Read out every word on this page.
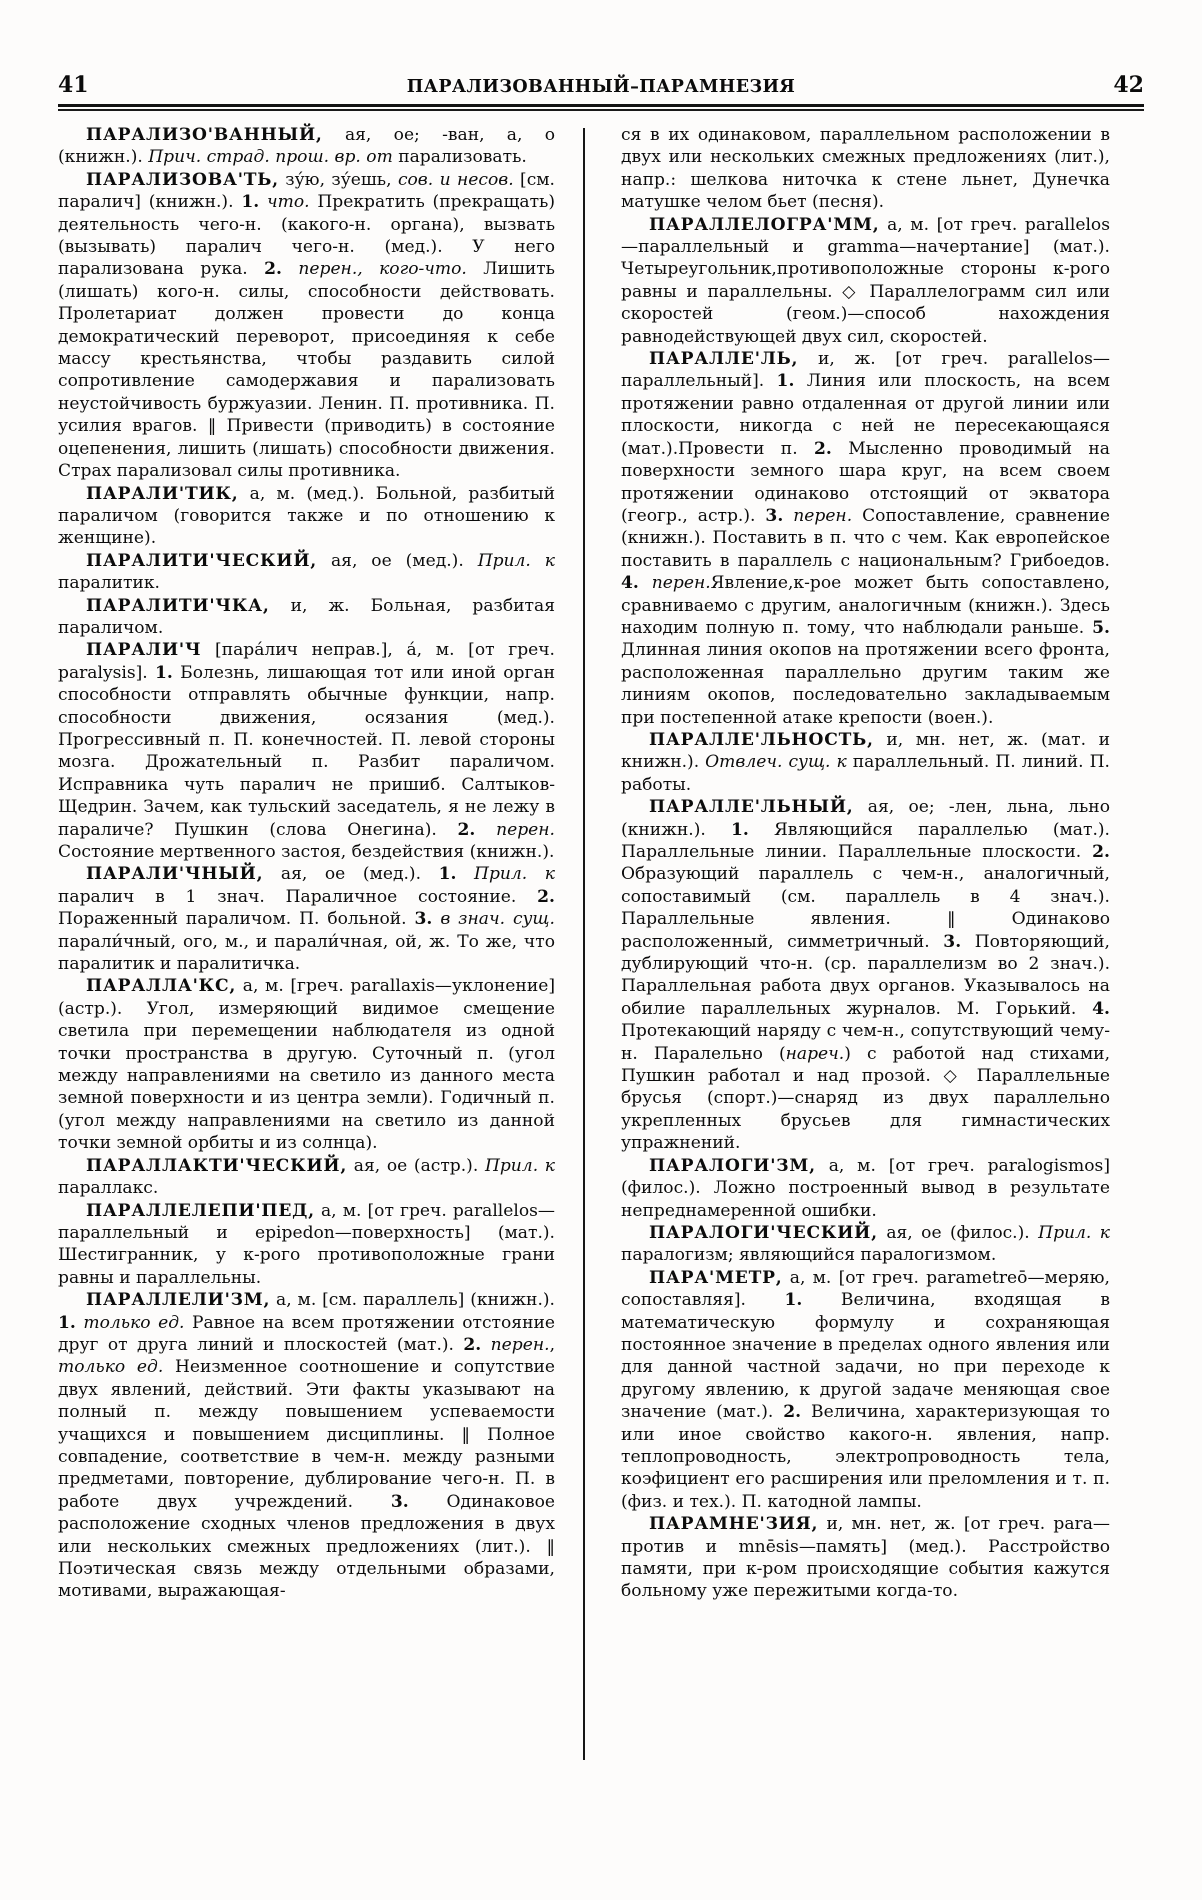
41	ПАРАЛИЗОВАННЫЙ–ПАРАМНЕЗИЯ	42

ПАРАЛИЗО'ВАННЫЙ, ая, ое; -ван, а, о (книжн.). Прич. страд. прош. вр. от парализовать.

ПАРАЛИЗОВА'ТЬ, зу́ю, зу́ешь, сов. и несов. [см. паралич] (книжн.). 1. что. Прекратить (прекращать) деятельность чего-н. (какого-н. органа), вызвать (вызывать) паралич чего-н. (мед.). У него парализована рука. 2. перен., кого-что. Лишить (лишать) кого-н. силы, способности действовать. Пролетариат должен провести до конца демократический переворот, присоединяя к себе массу крестьянства, чтобы раздавить силой сопротивление самодержавия и парализовать неустойчивость буржуазии. Ленин. П. противника. П. усилия врагов. ‖ Привести (приводить) в состояние оцепенения, лишить (лишать) способности движения. Страх парализовал силы противника.

ПАРАЛИ'ТИК, а, м. (мед.). Больной, разбитый параличом (говорится также и по отношению к женщине).

ПАРАЛИТИ'ЧЕСКИЙ, ая, ое (мед.). Прил. к паралитик.

ПАРАЛИТИ'ЧКА, и, ж. Больная, разбитая параличом.

ПАРАЛИ'Ч [пара́лич неправ.], а́, м. [от греч. paralysis]. 1. Болезнь, лишающая тот или иной орган способности отправлять обычные функции, напр. способности движения, осязания (мед.). Прогрессивный п. П. конечностей. П. левой стороны мозга. Дрожательный п. Разбит параличом. Исправника чуть паралич не пришиб. Салтыков-Щедрин. Зачем, как тульский заседатель, я не лежу в параличе? Пушкин (слова Онегина). 2. перен. Состояние мертвенного застоя, бездействия (книжн.).

ПАРАЛИ'ЧНЫЙ, ая, ое (мед.). 1. Прил. к паралич в 1 знач. Параличное состояние. 2. Пораженный параличом. П. больной. 3. в знач. сущ. парали́чный, ого, м., и парали́чная, ой, ж. То же, что паралитик и паралитичка.

ПАРАЛЛА'КС, а, м. [греч. parallaxis—уклонение] (астр.). Угол, измеряющий видимое смещение светила при перемещении наблюдателя из одной точки пространства в другую. Суточный п. (угол между направлениями на светило из данного места земной поверхности и из центра земли). Годичный п. (угол между направлениями на светило из данной точки земной орбиты и из солнца).

ПАРАЛЛАКТИ'ЧЕСКИЙ, ая, ое (астр.). Прил. к параллакс.

ПАРАЛЛЕЛЕПИ'ПЕД, а, м. [от греч. parallelos—параллельный и epipedon—поверхность] (мат.). Шестигранник, у к-рого противоположные грани равны и параллельны.

ПАРАЛЛЕЛИ'ЗМ, а, м. [см. параллель] (книжн.). 1. только ед. Равное на всем протяжении отстояние друг от друга линий и плоскостей (мат.). 2. перен., только ед. Неизменное соотношение и сопутствие двух явлений, действий. Эти факты указывают на полный п. между повышением успеваемости учащихся и повышением дисциплины. ‖ Полное совпадение, соответствие в чем-н. между разными предметами, повторение, дублирование чего-н. П. в работе двух учреждений. 3. Одинаковое расположение сходных членов предложения в двух или нескольких смежных предложениях (лит.). ‖ Поэтическая связь между отдельными образами, мотивами, выражающая-

ся в их одинаковом, параллельном расположении в двух или нескольких смежных предложениях (лит.), напр.: шелкова ниточка к стене льнет, Дунечка матушке челом бьет (песня).

ПАРАЛЛЕЛОГРА'ММ, а, м. [от греч. parallelos—параллельный и gramma—начертание] (мат.). Четыреугольник,противоположные стороны к-рого равны и параллельны. ◇ Параллелограмм сил или скоростей (геом.)—способ нахождения равнодействующей двух сил, скоростей.

ПАРАЛЛЕ'ЛЬ, и, ж. [от греч. parallelos—параллельный]. 1. Линия или плоскость, на всем протяжении равно отдаленная от другой линии или плоскости, никогда с ней не пересекающаяся (мат.).Провести п. 2. Мысленно проводимый на поверхности земного шара круг, на всем своем протяжении одинаково отстоящий от экватора (геогр., астр.). 3. перен. Сопоставление, сравнение (книжн.). Поставить в п. что с чем. Как европейское поставить в параллель с национальным? Грибоедов. 4. перен.Явление,к-рое может быть сопоставлено, сравниваемо с другим, аналогичным (книжн.). Здесь находим полную п. тому, что наблюдали раньше. 5. Длинная линия окопов на протяжении всего фронта, расположенная параллельно другим таким же линиям окопов, последовательно закладываемым при постепенной атаке крепости (воен.).

ПАРАЛЛЕ'ЛЬНОСТЬ, и, мн. нет, ж. (мат. и книжн.). Отвлеч. сущ. к параллельный. П. линий. П. работы.

ПАРАЛЛЕ'ЛЬНЫЙ, ая, ое; -лен, льна, льно (книжн.). 1. Являющийся параллелью (мат.). Параллельные линии. Параллельные плоскости. 2. Образующий параллель с чем-н., аналогичный, сопоставимый (см. параллель в 4 знач.). Параллельные явления. ‖ Одинаково расположенный, симметричный. 3. Повторяющий, дублирующий что-н. (ср. параллелизм во 2 знач.). Параллельная работа двух органов. Указывалось на обилие параллельных журналов. М. Горький. 4. Протекающий наряду с чем-н., сопутствующий чему-н. Паралельно (нареч.) с работой над стихами, Пушкин работал и над прозой. ◇ Параллельные брусья (спорт.)—снаряд из двух параллельно укрепленных брусьев для гимнастических упражнений.

ПАРАЛОГИ'ЗМ, а, м. [от греч. paralogismos] (филос.). Ложно построенный вывод в результате непреднамеренной ошибки.

ПАРАЛОГИ'ЧЕСКИЙ, ая, ое (филос.). Прил. к паралогизм; являющийся паралогизмом.

ПАРА'МЕТР, а, м. [от греч. parametreō—меряю, сопоставляя]. 1. Величина, входящая в математическую формулу и сохраняющая постоянное значение в пределах одного явления или для данной частной задачи, но при переходе к другому явлению, к другой задаче меняющая свое значение (мат.). 2. Величина, характеризующая то или иное свойство какого-н. явления, напр. теплопроводность, электропроводность тела, коэфициент его расширения или преломления и т. п. (физ. и тех.). П. катодной лампы.

ПАРАМНЕ'ЗИЯ, и, мн. нет, ж. [от греч. para—против и mnēsis—память] (мед.). Расстройство памяти, при к-ром происходящие события кажутся больному уже пережитыми когда-то.
